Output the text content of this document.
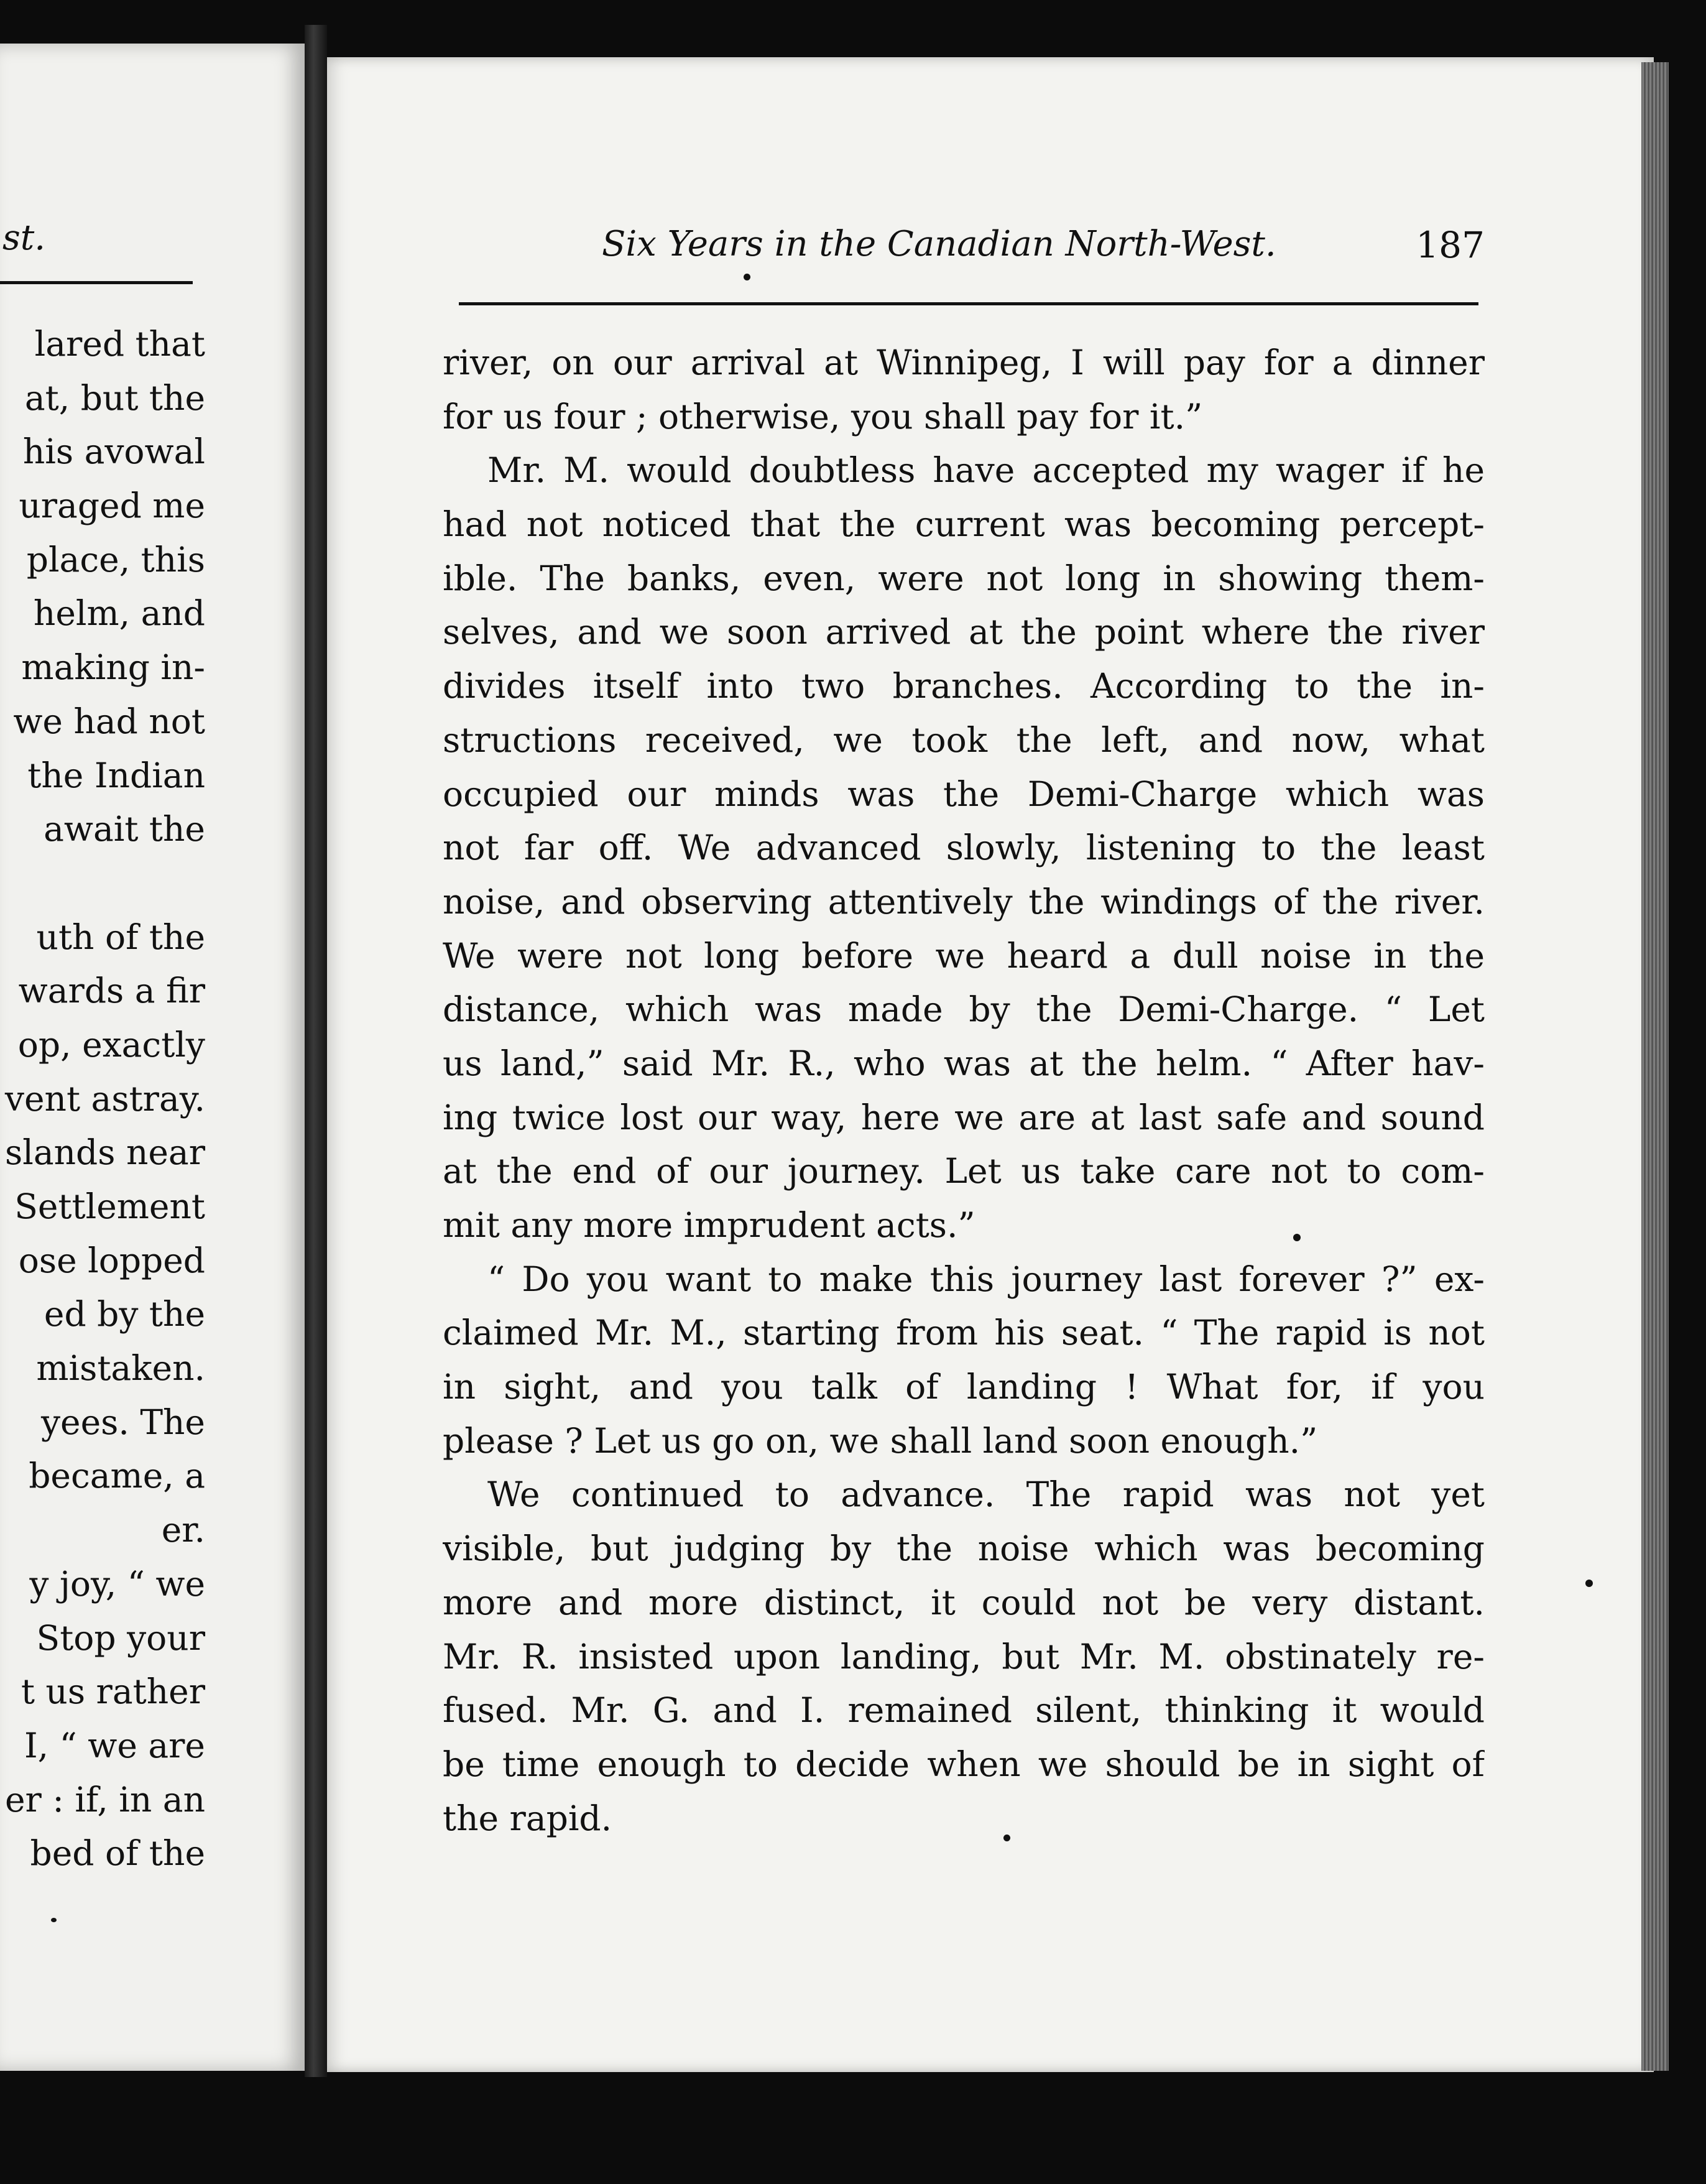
st.
lared that
at, but the
his avowal
uraged me
place, this
helm, and
making in-
we had not
the Indian
await the
uth of the
wards a fir
op, exactly
vent astray.
slands near
Settlement
ose lopped
ed by the
mistaken.
yees. The
became, a
er.
y joy, “ we
Stop your
t us rather
I, “ we are
er : if, in an
bed of the
Six Years in the Canadian North-West.	187
river, on our arrival at Winnipeg, I will pay for a dinner
for us four ; otherwise, you shall pay for it.”
Mr. M. would doubtless have accepted my wager if he
had not noticed that the current was becoming percept-
ible. The banks, even, were not long in showing them-
selves, and we soon arrived at the point where the river
divides itself into two branches. According to the in-
structions received, we took the left, and now, what
occupied our minds was the Demi-Charge which was
not far off. We advanced slowly, listening to the least
noise, and observing attentively the windings of the river.
We were not long before we heard a dull noise in the
distance, which was made by the Demi-Charge. “ Let
us land,” said Mr. R., who was at the helm. “ After hav-
ing twice lost our way, here we are at last safe and sound
at the end of our journey. Let us take care not to com-
mit any more imprudent acts.”
“ Do you want to make this journey last forever ?” ex-
claimed Mr. M., starting from his seat. “ The rapid is not
in sight, and you talk of landing ! What for, if you
please ? Let us go on, we shall land soon enough.”
We continued to advance. The rapid was not yet
visible, but judging by the noise which was becoming
more and more distinct, it could not be very distant.
Mr. R. insisted upon landing, but Mr. M. obstinately re-
fused. Mr. G. and I. remained silent, thinking it would
be time enough to decide when we should be in sight of
the rapid.
